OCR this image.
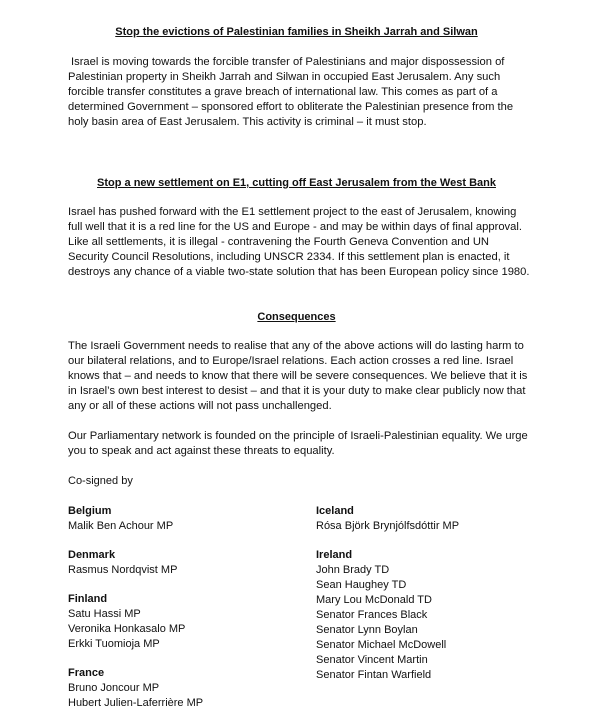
Stop the evictions of Palestinian families in Sheikh Jarrah and Silwan

Israel is moving towards the forcible transfer of Palestinians and major dispossession of Palestinian property in Sheikh Jarrah and Silwan in occupied East Jerusalem. Any such forcible transfer constitutes a grave breach of international law. This comes as part of a determined Government – sponsored effort to obliterate the Palestinian presence from the holy basin area of East Jerusalem. This activity is criminal – it must stop.

Stop a new settlement on E1, cutting off East Jerusalem from the West Bank

Israel has pushed forward with the E1 settlement project to the east of Jerusalem, knowing full well that it is a red line for the US and Europe - and may be within days of final approval. Like all settlements, it is illegal - contravening the Fourth Geneva Convention and UN Security Council Resolutions, including UNSCR 2334. If this settlement plan is enacted, it destroys any chance of a viable two-state solution that has been European policy since 1980.

Consequences

The Israeli Government needs to realise that any of the above actions will do lasting harm to our bilateral relations, and to Europe/Israel relations. Each action crosses a red line. Israel knows that – and needs to know that there will be severe consequences. We believe that it is in Israel’s own best interest to desist – and that it is your duty to make clear publicly now that any or all of these actions will not pass unchallenged.

Our Parliamentary network is founded on the principle of Israeli-Palestinian equality. We urge you to speak and act against these threats to equality.

Co-signed by
Belgium
Malik Ben Achour MP
Denmark
Rasmus Nordqvist MP
Finland
Satu Hassi MP
Veronika Honkasalo MP
Erkki Tuomioja MP
France
Bruno Joncour MP
Hubert Julien-Laferrière MP
Iceland
Rósa Björk Brynjólfsdóttir MP
Ireland
John Brady TD
Sean Haughey TD
Mary Lou McDonald TD
Senator Frances Black
Senator Lynn Boylan
Senator Michael McDowell
Senator Vincent Martin
Senator Fintan Warfield
